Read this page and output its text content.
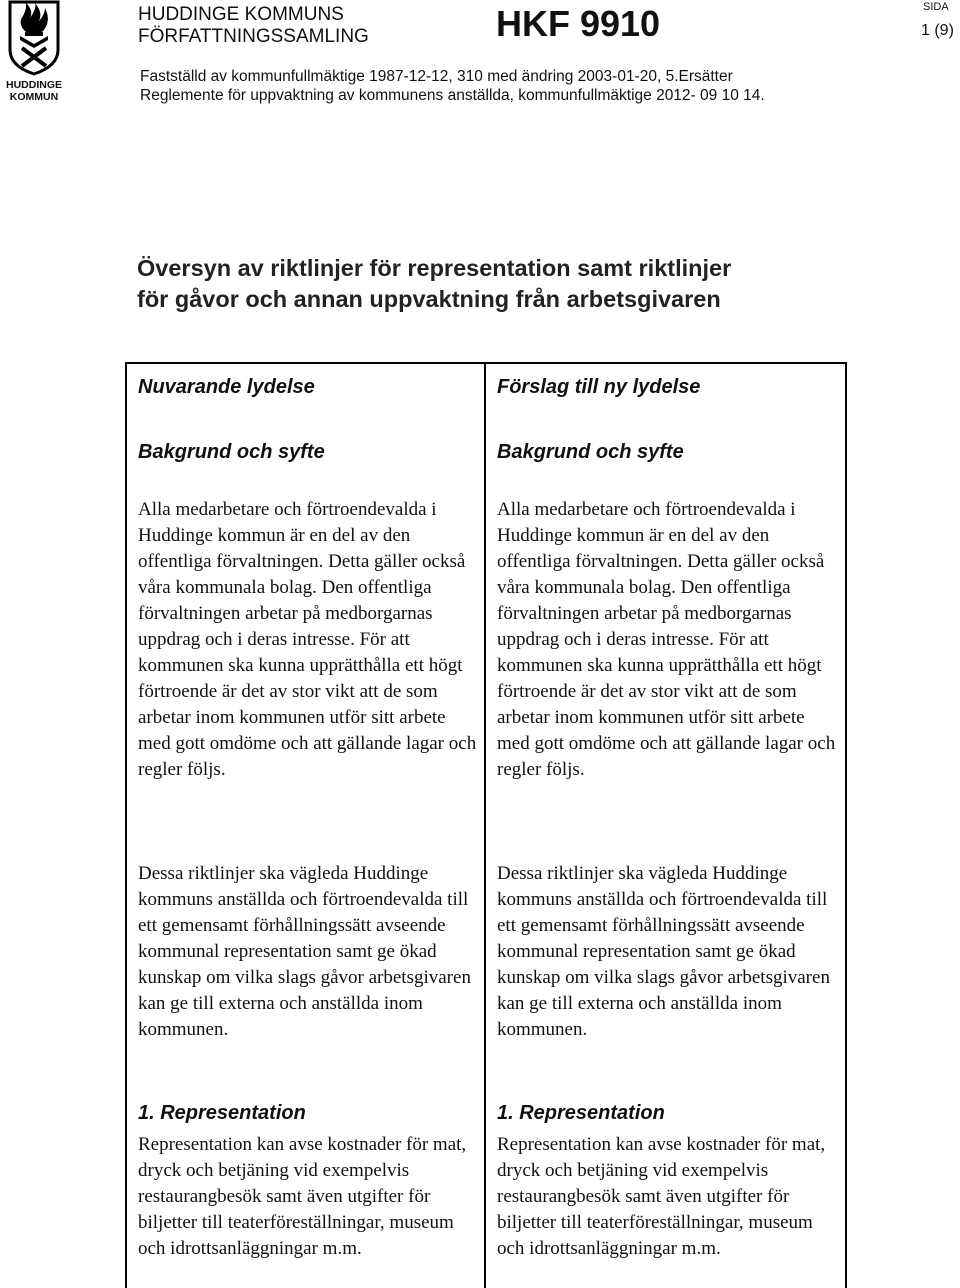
HUDDINGE KOMMUN
HUDDINGE KOMMUNS
FÖRFATTNINGSSAMLING	HKF 9910	SIDA
1 (9)
Fastställd av kommunfullmäktige 1987-12-12, 310 med ändring 2003-01-20, 5.Ersätter
Reglemente för uppvaktning av kommunens anställda, kommunfullmäktige 2012- 09 10 14.
Översyn av riktlinjer för representation samt riktlinjer
för gåvor och annan uppvaktning från arbetsgivaren
Nuvarande lydelse
Bakgrund och syfte
Alla medarbetare och förtroendevalda i Huddinge kommun är en del av den offentliga förvaltningen. Detta gäller också våra kommunala bolag. Den offentliga förvaltningen arbetar på medborgarnas uppdrag och i deras intresse. För att kommunen ska kunna upprätthålla ett högt förtroende är det av stor vikt att de som arbetar inom kommunen utför sitt arbete med gott omdöme och att gällande lagar och regler följs.
Dessa riktlinjer ska vägleda Huddinge kommuns anställda och förtroendevalda till ett gemensamt förhållningssätt avseende kommunal representation samt ge ökad kunskap om vilka slags gåvor arbetsgivaren kan ge till externa och anställda inom kommunen.
1. Representation
Representation kan avse kostnader för mat, dryck och betjäning vid exempelvis restaurangbesök samt även utgifter för biljetter till teaterföreställningar, museum och idrottsanläggningar m.m.
Förslag till ny lydelse
Bakgrund och syfte
Alla medarbetare och förtroendevalda i Huddinge kommun är en del av den offentliga förvaltningen. Detta gäller också våra kommunala bolag. Den offentliga förvaltningen arbetar på medborgarnas uppdrag och i deras intresse. För att kommunen ska kunna upprätthålla ett högt förtroende är det av stor vikt att de som arbetar inom kommunen utför sitt arbete med gott omdöme och att gällande lagar och regler följs.
Dessa riktlinjer ska vägleda Huddinge kommuns anställda och förtroendevalda till ett gemensamt förhållningssätt avseende kommunal representation samt ge ökad kunskap om vilka slags gåvor arbetsgivaren kan ge till externa och anställda inom kommunen.
1. Representation
Representation kan avse kostnader för mat, dryck och betjäning vid exempelvis restaurangbesök samt även utgifter för biljetter till teaterföreställningar, museum och idrottsanläggningar m.m.
